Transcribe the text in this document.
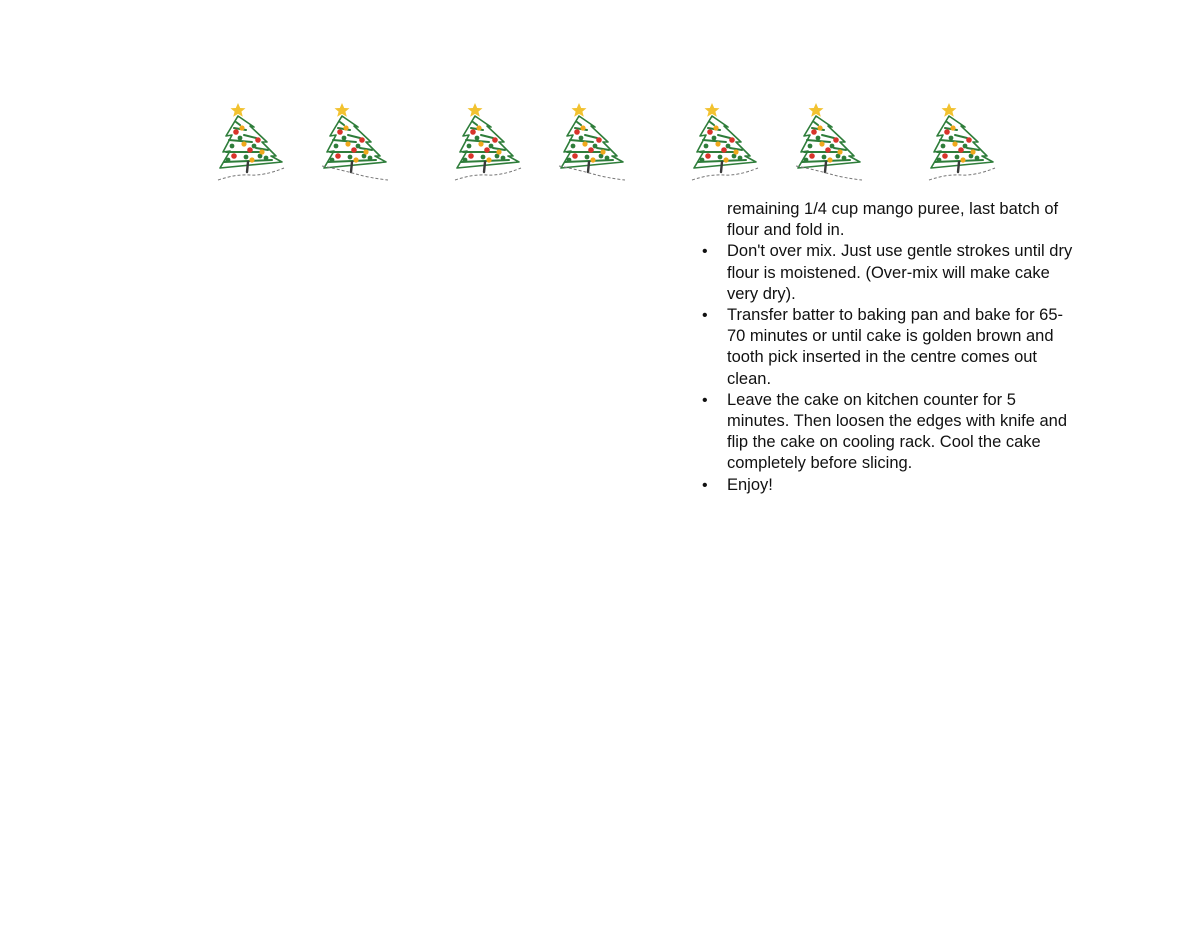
remaining 1/4 cup mango puree, last batch of flour and fold in.

• Don't over mix. Just use gentle strokes until dry flour is moistened. (Over-mix will make cake very dry).
• Transfer batter to baking pan and bake for 65-70 minutes or until cake is golden brown and tooth pick inserted in the centre comes out clean.
• Leave the cake on kitchen counter for 5 minutes. Then loosen the edges with knife and flip the cake on cooling rack. Cool the cake completely before slicing.
• Enjoy!
